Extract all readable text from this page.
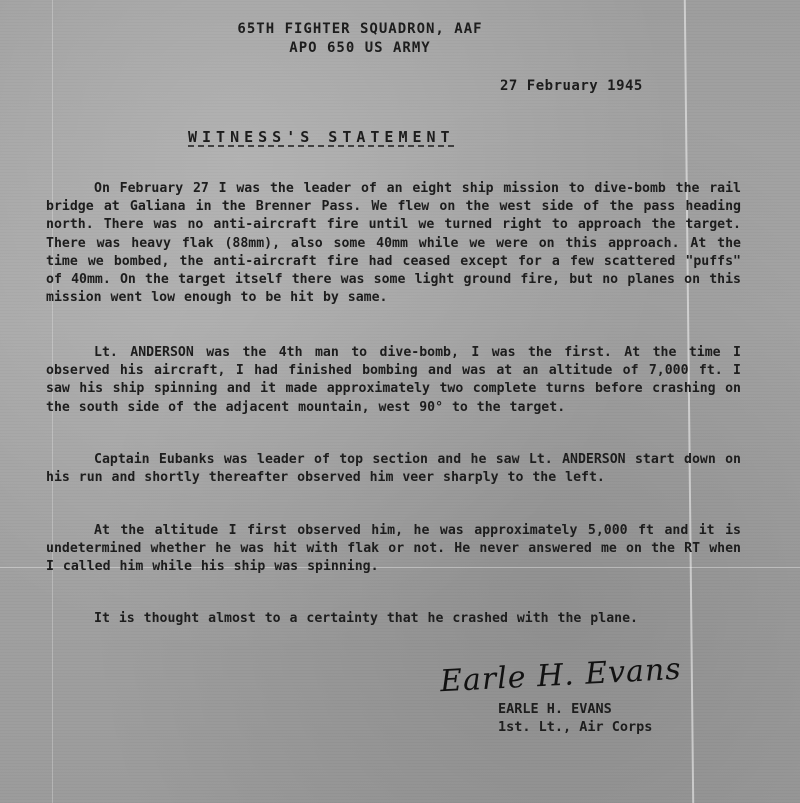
65TH FIGHTER SQUADRON, AAF
APO 650 US ARMY
27 February 1945
WITNESS'S STATEMENT

On February 27 I was the leader of an eight ship mission to dive-bomb the rail bridge at Galiana in the Brenner Pass. We flew on the west side of the pass heading north. There was no anti-aircraft fire until we turned right to approach the target. There was heavy flak (88mm), also some 40mm while we were on this approach. At the time we bombed, the anti-aircraft fire had ceased except for a few scattered "puffs" of 40mm. On the target itself there was some light ground fire, but no planes on this mission went low enough to be hit by same.

Lt. ANDERSON was the 4th man to dive-bomb, I was the first. At the time I observed his aircraft, I had finished bombing and was at an altitude of 7,000 ft. I saw his ship spinning and it made approximately two complete turns before crashing on the south side of the adjacent mountain, west 90° to the target.

Captain Eubanks was leader of top section and he saw Lt. ANDERSON start down on his run and shortly thereafter observed him veer sharply to the left.

At the altitude I first observed him, he was approximately 5,000 ft and it is undetermined whether he was hit with flak or not. He never answered me on the RT when I called him while his ship was spinning.

It is thought almost to a certainty that he crashed with the plane.

Earle H. Evans
EARLE H. EVANS
1st. Lt., Air Corps
